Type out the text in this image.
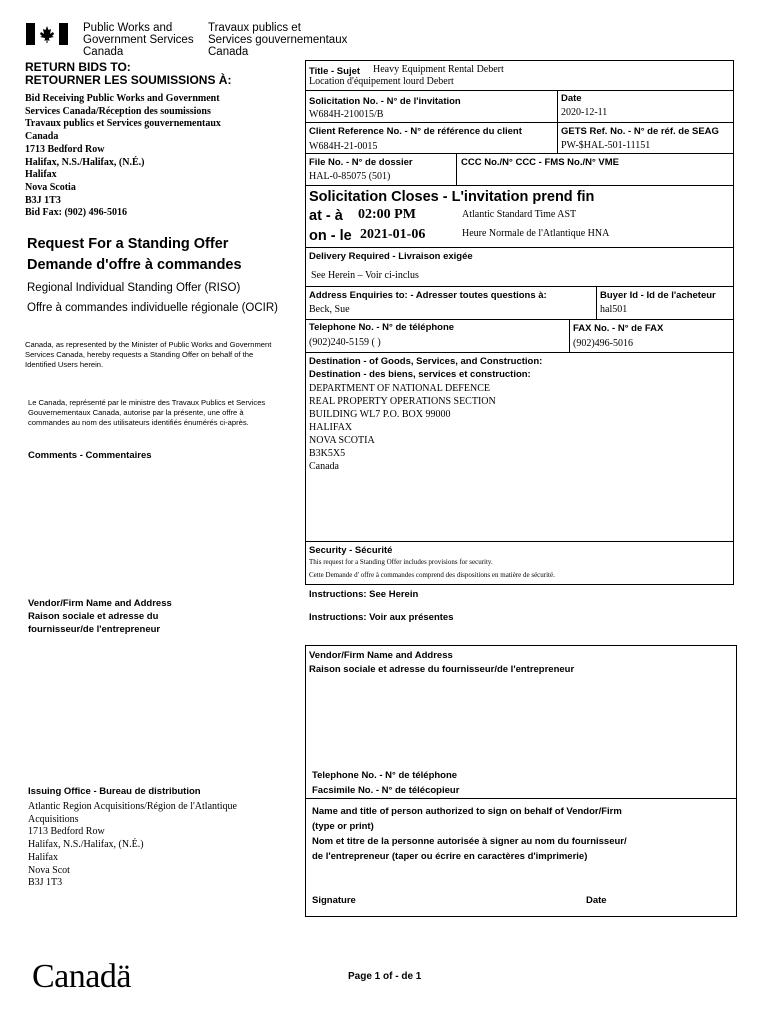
Public Works and
Government Services
Canada
Travaux publics et
Services gouvernementaux
Canada
RETURN BIDS TO:
RETOURNER LES SOUMISSIONS À:
Bid Receiving Public Works and Government
Services Canada/Réception des soumissions
Travaux publics et Services gouvernementaux
Canada
1713 Bedford Row
Halifax, N.S./Halifax, (N.É.)
Halifax
Nova Scotia
B3J 1T3
Bid Fax: (902) 496-5016
Request For a Standing Offer
Demande d'offre à commandes
Regional Individual Standing Offer (RISO)
Offre à commandes individuelle régionale (OCIR)
Canada, as represented by the Minister of Public Works and Government Services Canada, hereby requests a Standing Offer on behalf of the Identified Users herein.
Le Canada, représenté par le ministre des Travaux Publics et Services Gouvernementaux Canada, autorise par la présente, une offre à commandes au nom des utilisateurs identifiés énumérés ci-après.
Comments - Commentaires
Vendor/Firm Name and Address
Raison sociale et adresse du
fournisseur/de l'entrepreneur
Issuing Office - Bureau de distribution
Atlantic Region Acquisitions/Région de l'Atlantique
Acquisitions
1713 Bedford Row
Halifax, N.S./Halifax, (N.É.)
Halifax
Nova Scot
B3J 1T3
Title - Sujet Heavy Equipment Rental Debert
Location d'équipement lourd Debert
Solicitation No. - N° de l'invitation
W684H-210015/B
Date
2020-12-11
Client Reference No. - N° de référence du client
W684H-21-0015
GETS Ref. No. - N° de réf. de SEAG
PW-$HAL-501-11151
File No. - N° de dossier
HAL-0-85075 (501)
CCC No./N° CCC - FMS No./N° VME
Solicitation Closes - L'invitation prend fin
at - à 02:00 PM
on - le 2021-01-06
Atlantic Standard Time AST
Heure Normale de l'Atlantique HNA
Delivery Required - Livraison exigée
See Herein – Voir ci-inclus
Address Enquiries to: - Adresser toutes questions à:
Beck, Sue
Buyer Id - Id de l'acheteur
hal501
Telephone No. - N° de téléphone
(902)240-5159 ( )
FAX No. - N° de FAX
(902)496-5016
Destination - of Goods, Services, and Construction:
Destination - des biens, services et construction:
DEPARTMENT OF NATIONAL DEFENCE
REAL PROPERTY OPERATIONS SECTION
BUILDING WL7 P.O. BOX 99000
HALIFAX
NOVA SCOTIA
B3K5X5
Canada
Security - Sécurité
This request for a Standing Offer includes provisions for security.
Cette Demande d' offre à commandes comprend des dispositions en matière de sécurité.
Instructions: See Herein
Instructions: Voir aux présentes
Vendor/Firm Name and Address
Raison sociale et adresse du fournisseur/de l'entrepreneur
Telephone No. - N° de téléphone
Facsimile No. - N° de télécopieur
Name and title of person authorized to sign on behalf of Vendor/Firm
(type or print)
Nom et titre de la personne autorisée à signer au nom du fournisseur/
de l'entrepreneur (taper ou écrire en caractères d'imprimerie)
Signature	Date
Canadä	Page 1 of - de 1
